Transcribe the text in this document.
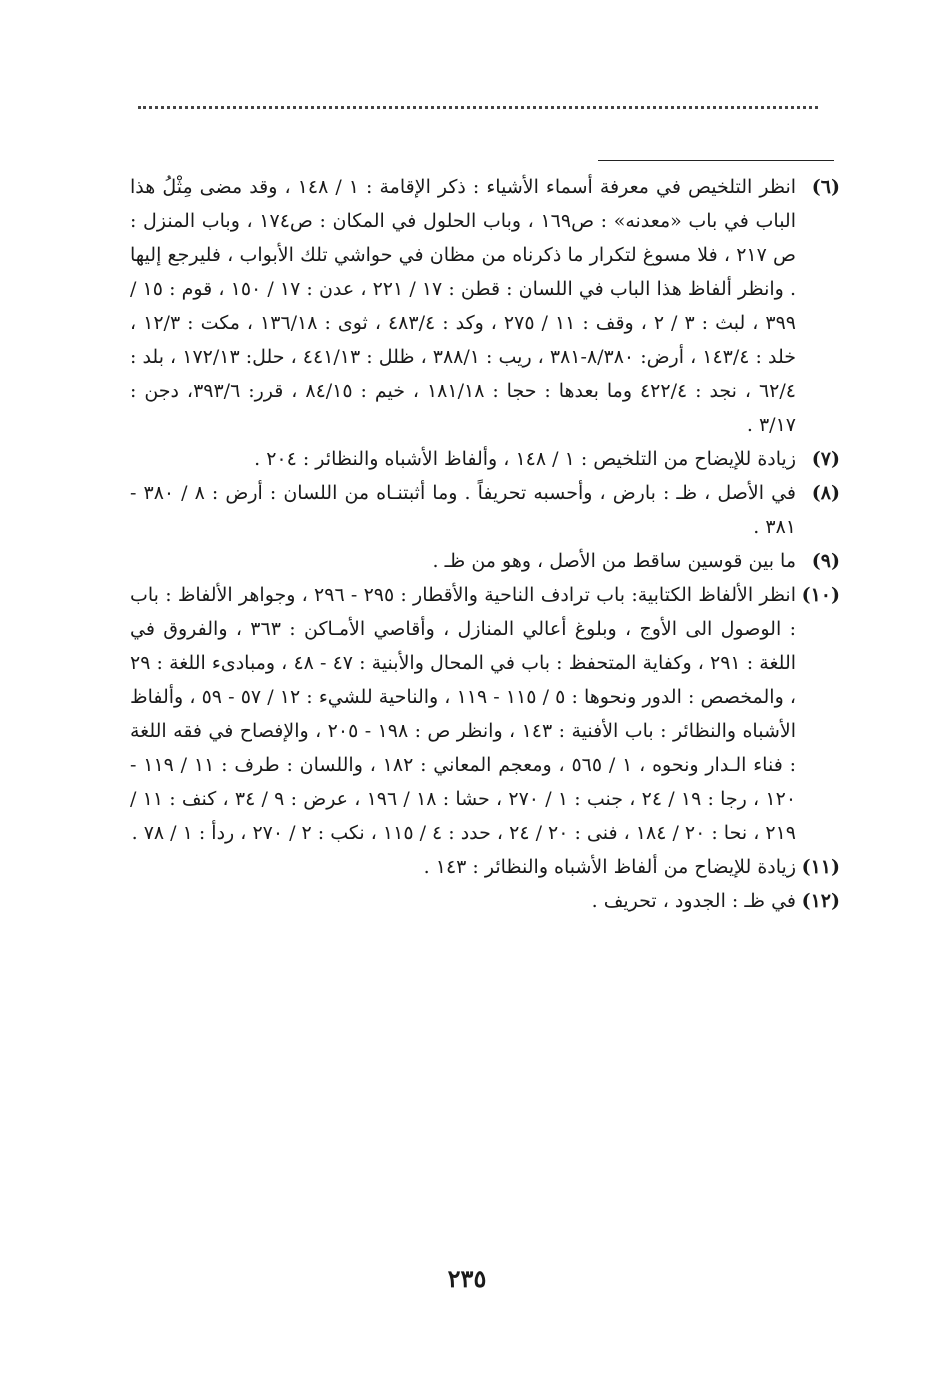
(٦)
انظر التلخيص في معرفة أسماء الأشياء : ذكر الإقامة : ١ / ١٤٨ ، وقد مضى مِثْلُ هذا الباب في باب «معدنه» : ص١٦٩ ، وباب الحلول في المكان : ص١٧٤ ، وباب المنزل : ص ٢١٧ ، فلا مسوغ لتكرار ما ذكرناه من مظان في حواشي تلك الأبواب ، فليرجع إليها . وانظر ألفاظ هذا الباب في اللسان : قطن : ١٧ / ٢٢١ ، عدن : ١٧ / ١٥٠ ، قوم : ١٥ / ٣٩٩ ، لبث : ٣ / ٢ ، وقف : ١١ / ٢٧٥ ، وكد : ٤٨٣/٤ ، ثوى : ١٣٦/١٨ ، مكت : ١٢/٣ ، خلد : ١٤٣/٤ ، أرض: ٨/٣٨٠-٣٨١ ، ريب : ٣٨٨/١ ، ظلل : ٤٤١/١٣ ، حلل: ١٧٢/١٣ ، بلد : ٦٢/٤ ، نجد : ٤٢٢/٤ وما بعدها : حجا : ١٨١/١٨ ، خيم : ٨٤/١٥ ، قرر: ٣٩٣/٦، دجن : ٣/١٧ .

(٧)
زيادة للإيضاح من التلخيص : ١ / ١٤٨ ، وألفاظ الأشباه والنظائر : ٢٠٤ .

(٨)
في الأصل ، ظـ : بارض ، وأحسبه تحريفاً . وما أثبتنـاه من اللسان : أرض : ٨ / ٣٨٠ - ٣٨١ .

(٩)
ما بين قوسين ساقط من الأصل ، وهو من ظـ .

(١٠)
انظر الألفاظ الكتابية: باب ترادف الناحية والأقطار : ٢٩٥ - ٢٩٦ ، وجواهر الألفاظ : باب : الوصول الى الأوج ، وبلوغ أعالي المنازل ، وأقاصي الأمـاكن : ٣٦٣ ، والفروق في اللغة : ٢٩١ ، وكفاية المتحفظ : باب في المحال والأبنية : ٤٧ - ٤٨ ، ومبادىء اللغة : ٢٩ ، والمخصص : الدور ونحوها : ٥ / ١١٥ - ١١٩ ، والناحية للشيء : ١٢ / ٥٧ - ٥٩ ، وألفاظ الأشباه والنظائر : باب الأفنية : ١٤٣ ، وانظر ص : ١٩٨ - ٢٠٥ ، والإفصاح في فقه اللغة : فناء الـدار ونحوه ، ١ / ٥٦٥ ، ومعجم المعاني : ١٨٢ ، واللسان : طرف : ١١ / ١١٩ - ١٢٠ ، رجا : ١٩ / ٢٤ ، جنب : ١ / ٢٧٠ ، حشا : ١٨ / ١٩٦ ، عرض : ٩ / ٣٤ ، كنف : ١١ / ٢١٩ ، نحا : ٢٠ / ١٨٤ ، فنى : ٢٠ / ٢٤ ، حدد : ٤ / ١١٥ ، نكب : ٢ / ٢٧٠ ، ردأ : ١ / ٧٨ .

(١١)
زيادة للإيضاح من ألفاظ الأشباه والنظائر : ١٤٣ .

(١٢)
في ظـ : الجدود ، تحريف .

٢٣٥
